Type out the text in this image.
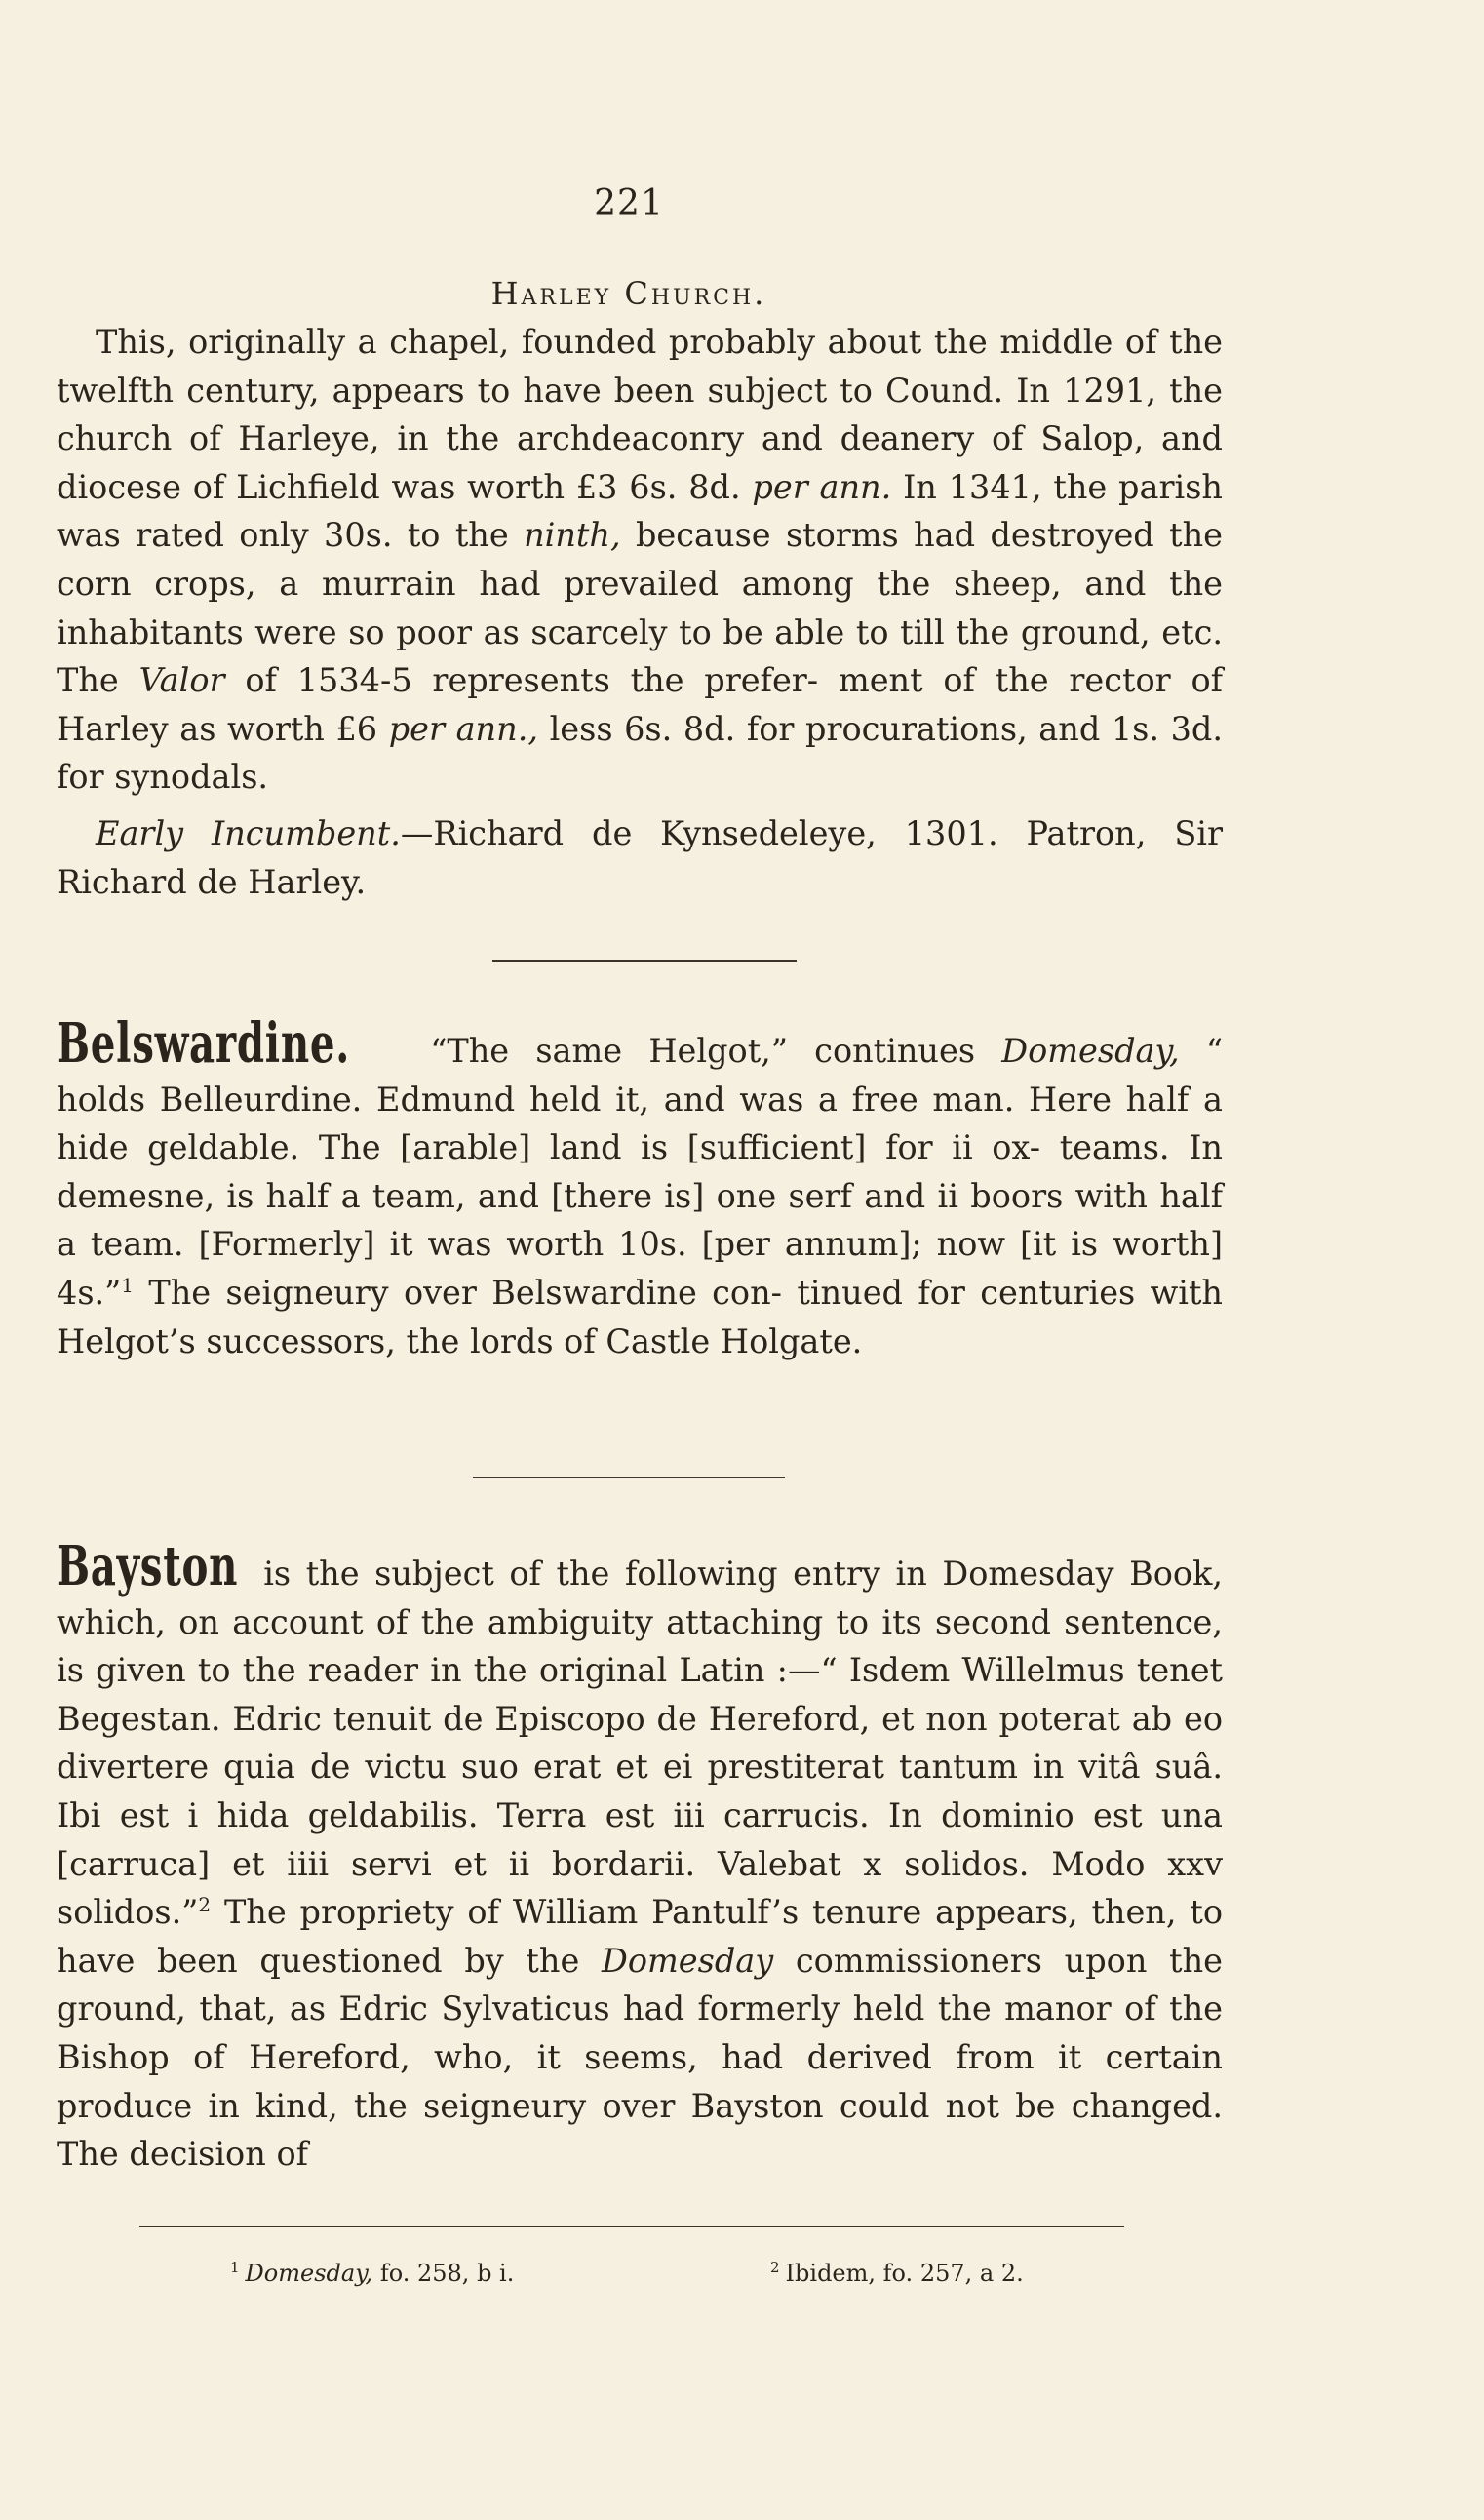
221
Harley Church.

This, originally a chapel, founded probably about the middle of the twelfth century, appears to have been subject to Cound. In 1291, the church of Harleye, in the archdeaconry and deanery of Salop, and diocese of Lichfield was worth £3 6s. 8d. per ann. In 1341, the parish was rated only 30s. to the ninth, because storms had destroyed the corn crops, a murrain had prevailed among the sheep, and the inhabitants were so poor as scarcely to be able to till the ground, etc. The Valor of 1534-5 represents the prefer- ment of the rector of Harley as worth £6 per ann., less 6s. 8d. for procurations, and 1s. 3d. for synodals.

Early Incumbent.—Richard de Kynsedeleye, 1301. Patron, Sir Richard de Harley.

Belswardine. “The same Helgot,” continues Domesday, “ holds Belleurdine. Edmund held it, and was a free man. Here half a hide geldable. The [arable] land is [sufficient] for ii ox- teams. In demesne, is half a team, and [there is] one serf and ii boors with half a team. [Formerly] it was worth 10s. [per annum]; now [it is worth] 4s.”$^1$ The seigneury over Belswardine con- tinued for centuries with Helgot’s successors, the lords of Castle Holgate.

Bayston is the subject of the following entry in Domesday Book, which, on account of the ambiguity attaching to its second sentence, is given to the reader in the original Latin :—“ Isdem Willelmus tenet Begestan. Edric tenuit de Episcopo de Hereford, et non poterat ab eo divertere quia de victu suo erat et ei prestiterat tantum in vitâ suâ. Ibi est i hida geldabilis. Terra est iii carrucis. In dominio est una [carruca] et iiii servi et ii bordarii. Valebat x solidos. Modo xxv solidos.”$^2$ The propriety of William Pantulf’s tenure appears, then, to have been questioned by the Domesday commissioners upon the ground, that, as Edric Sylvaticus had formerly held the manor of the Bishop of Hereford, who, it seems, had derived from it certain produce in kind, the seigneury over Bayston could not be changed. The decision of

$^1$ Domesday, fo. 258, b i.	$^2$ Ibidem, fo. 257, a 2.
